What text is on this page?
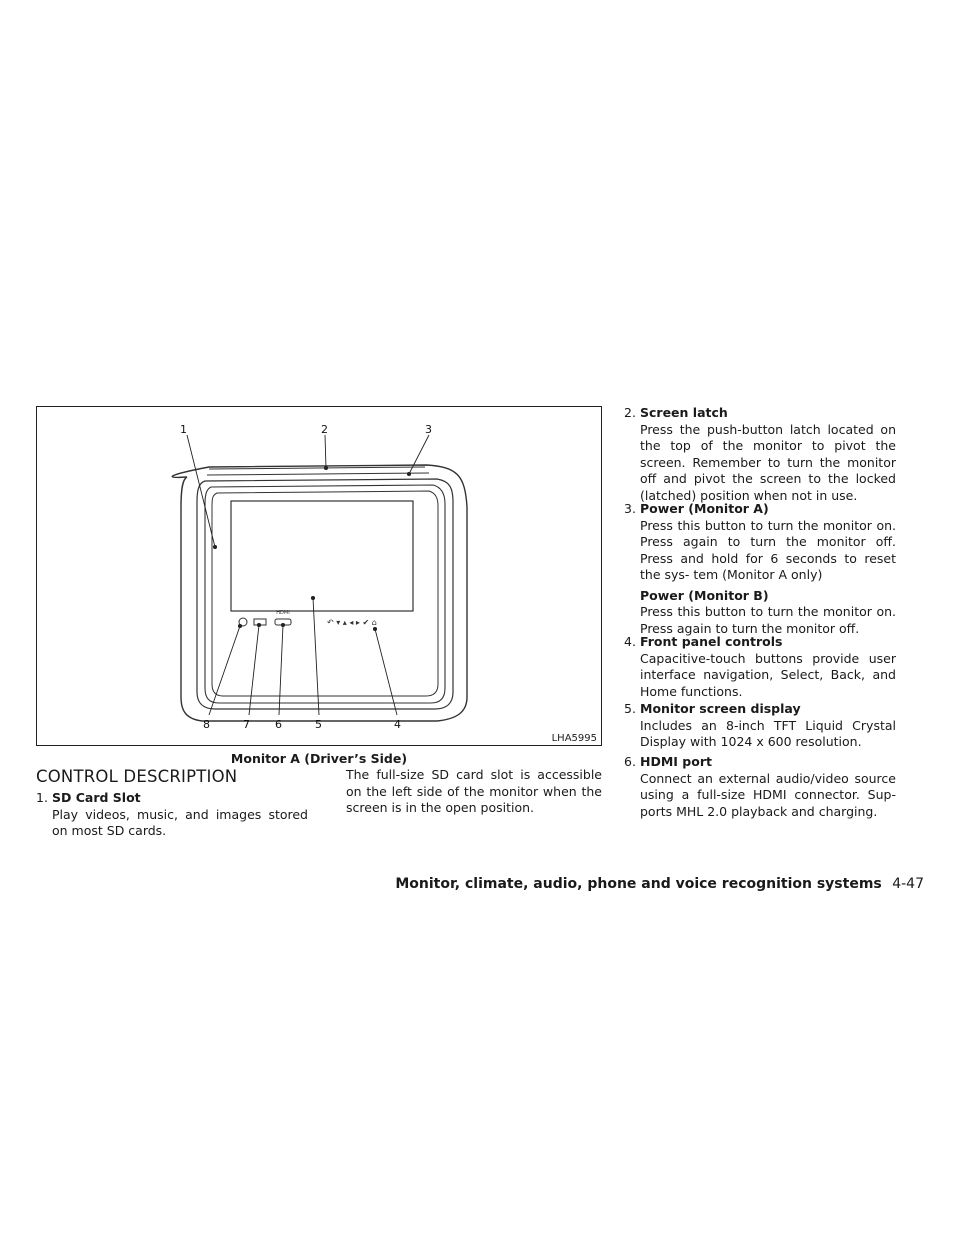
HDMI
↶ ▾ ▴ ◂ ▸ ✔ ⌂
1	2	3
4
5
6
7
8
LHA5995
Monitor A (Driver’s Side)
CONTROL DESCRIPTION
1. SD Card Slot
Play videos, music, and images stored on most SD cards.
The full-size SD card slot is accessible on the left side of the monitor when the screen is in the open position.
2. Screen latch
Press the push-button latch located on the top of the monitor to pivot the screen. Remember to turn the monitor off and pivot the screen to the locked (latched) position when not in use.
3. Power (Monitor A)
Press this button to turn the monitor on. Press again to turn the monitor off. Press and hold for 6 seconds to reset the sys- tem (Monitor A only)
Power (Monitor B)
Press this button to turn the monitor on. Press again to turn the monitor off.
4. Front panel controls
Capacitive-touch buttons provide user interface navigation, Select, Back, and Home functions.
5. Monitor screen display
Includes an 8-inch TFT Liquid Crystal Display with 1024 x 600 resolution.
6. HDMI port
Connect an external audio/video source using a full-size HDMI connector. Sup- ports MHL 2.0 playback and charging.
Monitor, climate, audio, phone and voice recognition systems 4-47
